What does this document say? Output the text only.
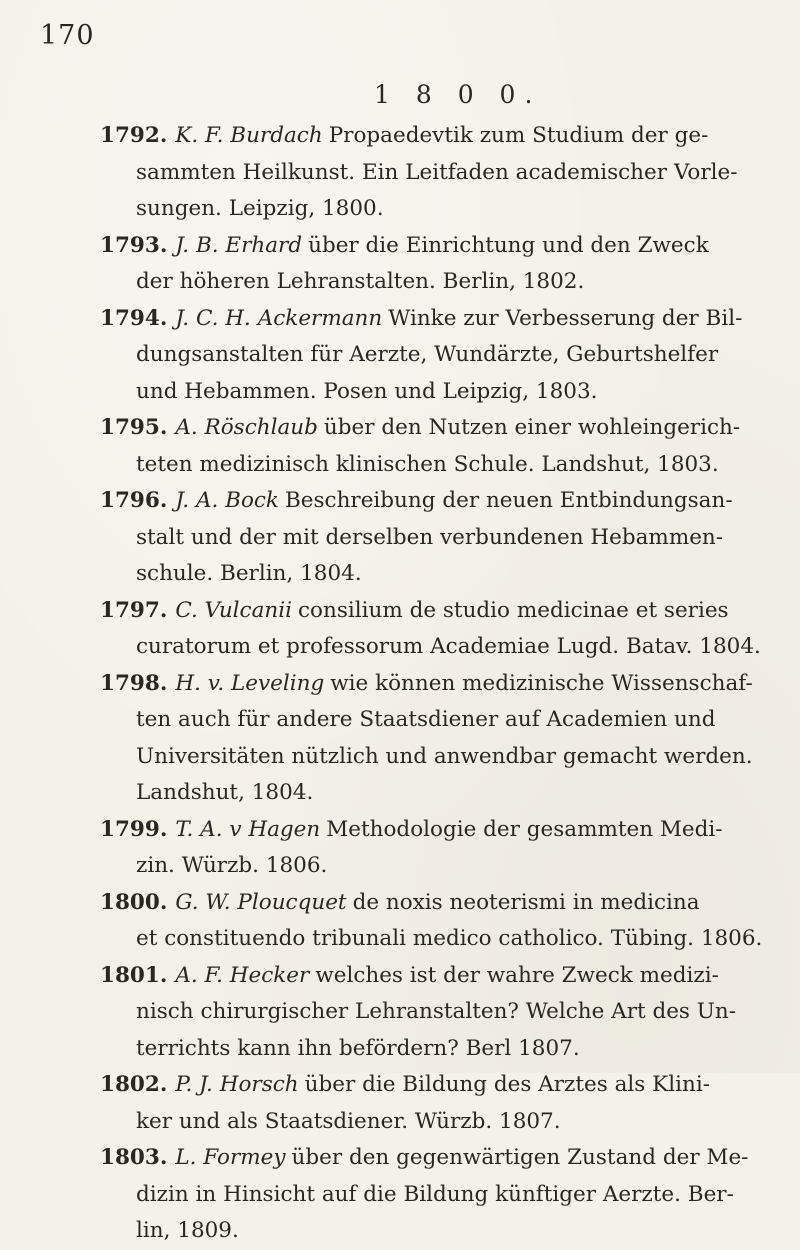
170
1 8 0 0.

1792. K. F. Burdach Propaedevtik zum Studium der ge-
sammten Heilkunst. Ein Leitfaden academischer Vorle-
sungen. Leipzig, 1800.

1793. J. B. Erhard über die Einrichtung und den Zweck
der höheren Lehranstalten. Berlin, 1802.

1794. J. C. H. Ackermann Winke zur Verbesserung der Bil-
dungsanstalten für Aerzte, Wundärzte, Geburtshelfer
und Hebammen. Posen und Leipzig, 1803.

1795. A. Röschlaub über den Nutzen einer wohleingerich-
teten medizinisch klinischen Schule. Landshut, 1803.

1796. J. A. Bock Beschreibung der neuen Entbindungsan-
stalt und der mit derselben verbundenen Hebammen-
schule. Berlin, 1804.

1797. C. Vulcanii consilium de studio medicinae et series
curatorum et professorum Academiae Lugd. Batav. 1804.

1798. H. v. Leveling wie können medizinische Wissenschaf-
ten auch für andere Staatsdiener auf Academien und
Universitäten nützlich und anwendbar gemacht werden.
Landshut, 1804.

1799. T. A. v Hagen Methodologie der gesammten Medi-
zin. Würzb. 1806.

1800. G. W. Ploucquet de noxis neoterismi in medicina
et constituendo tribunali medico catholico. Tübing. 1806.

1801. A. F. Hecker welches ist der wahre Zweck medizi-
nisch chirurgischer Lehranstalten? Welche Art des Un-
terrichts kann ihn befördern? Berl 1807.

1802. P. J. Horsch über die Bildung des Arztes als Klini-
ker und als Staatsdiener. Würzb. 1807.

1803. L. Formey über den gegenwärtigen Zustand der Me-
dizin in Hinsicht auf die Bildung künftiger Aerzte. Ber-
lin, 1809.
